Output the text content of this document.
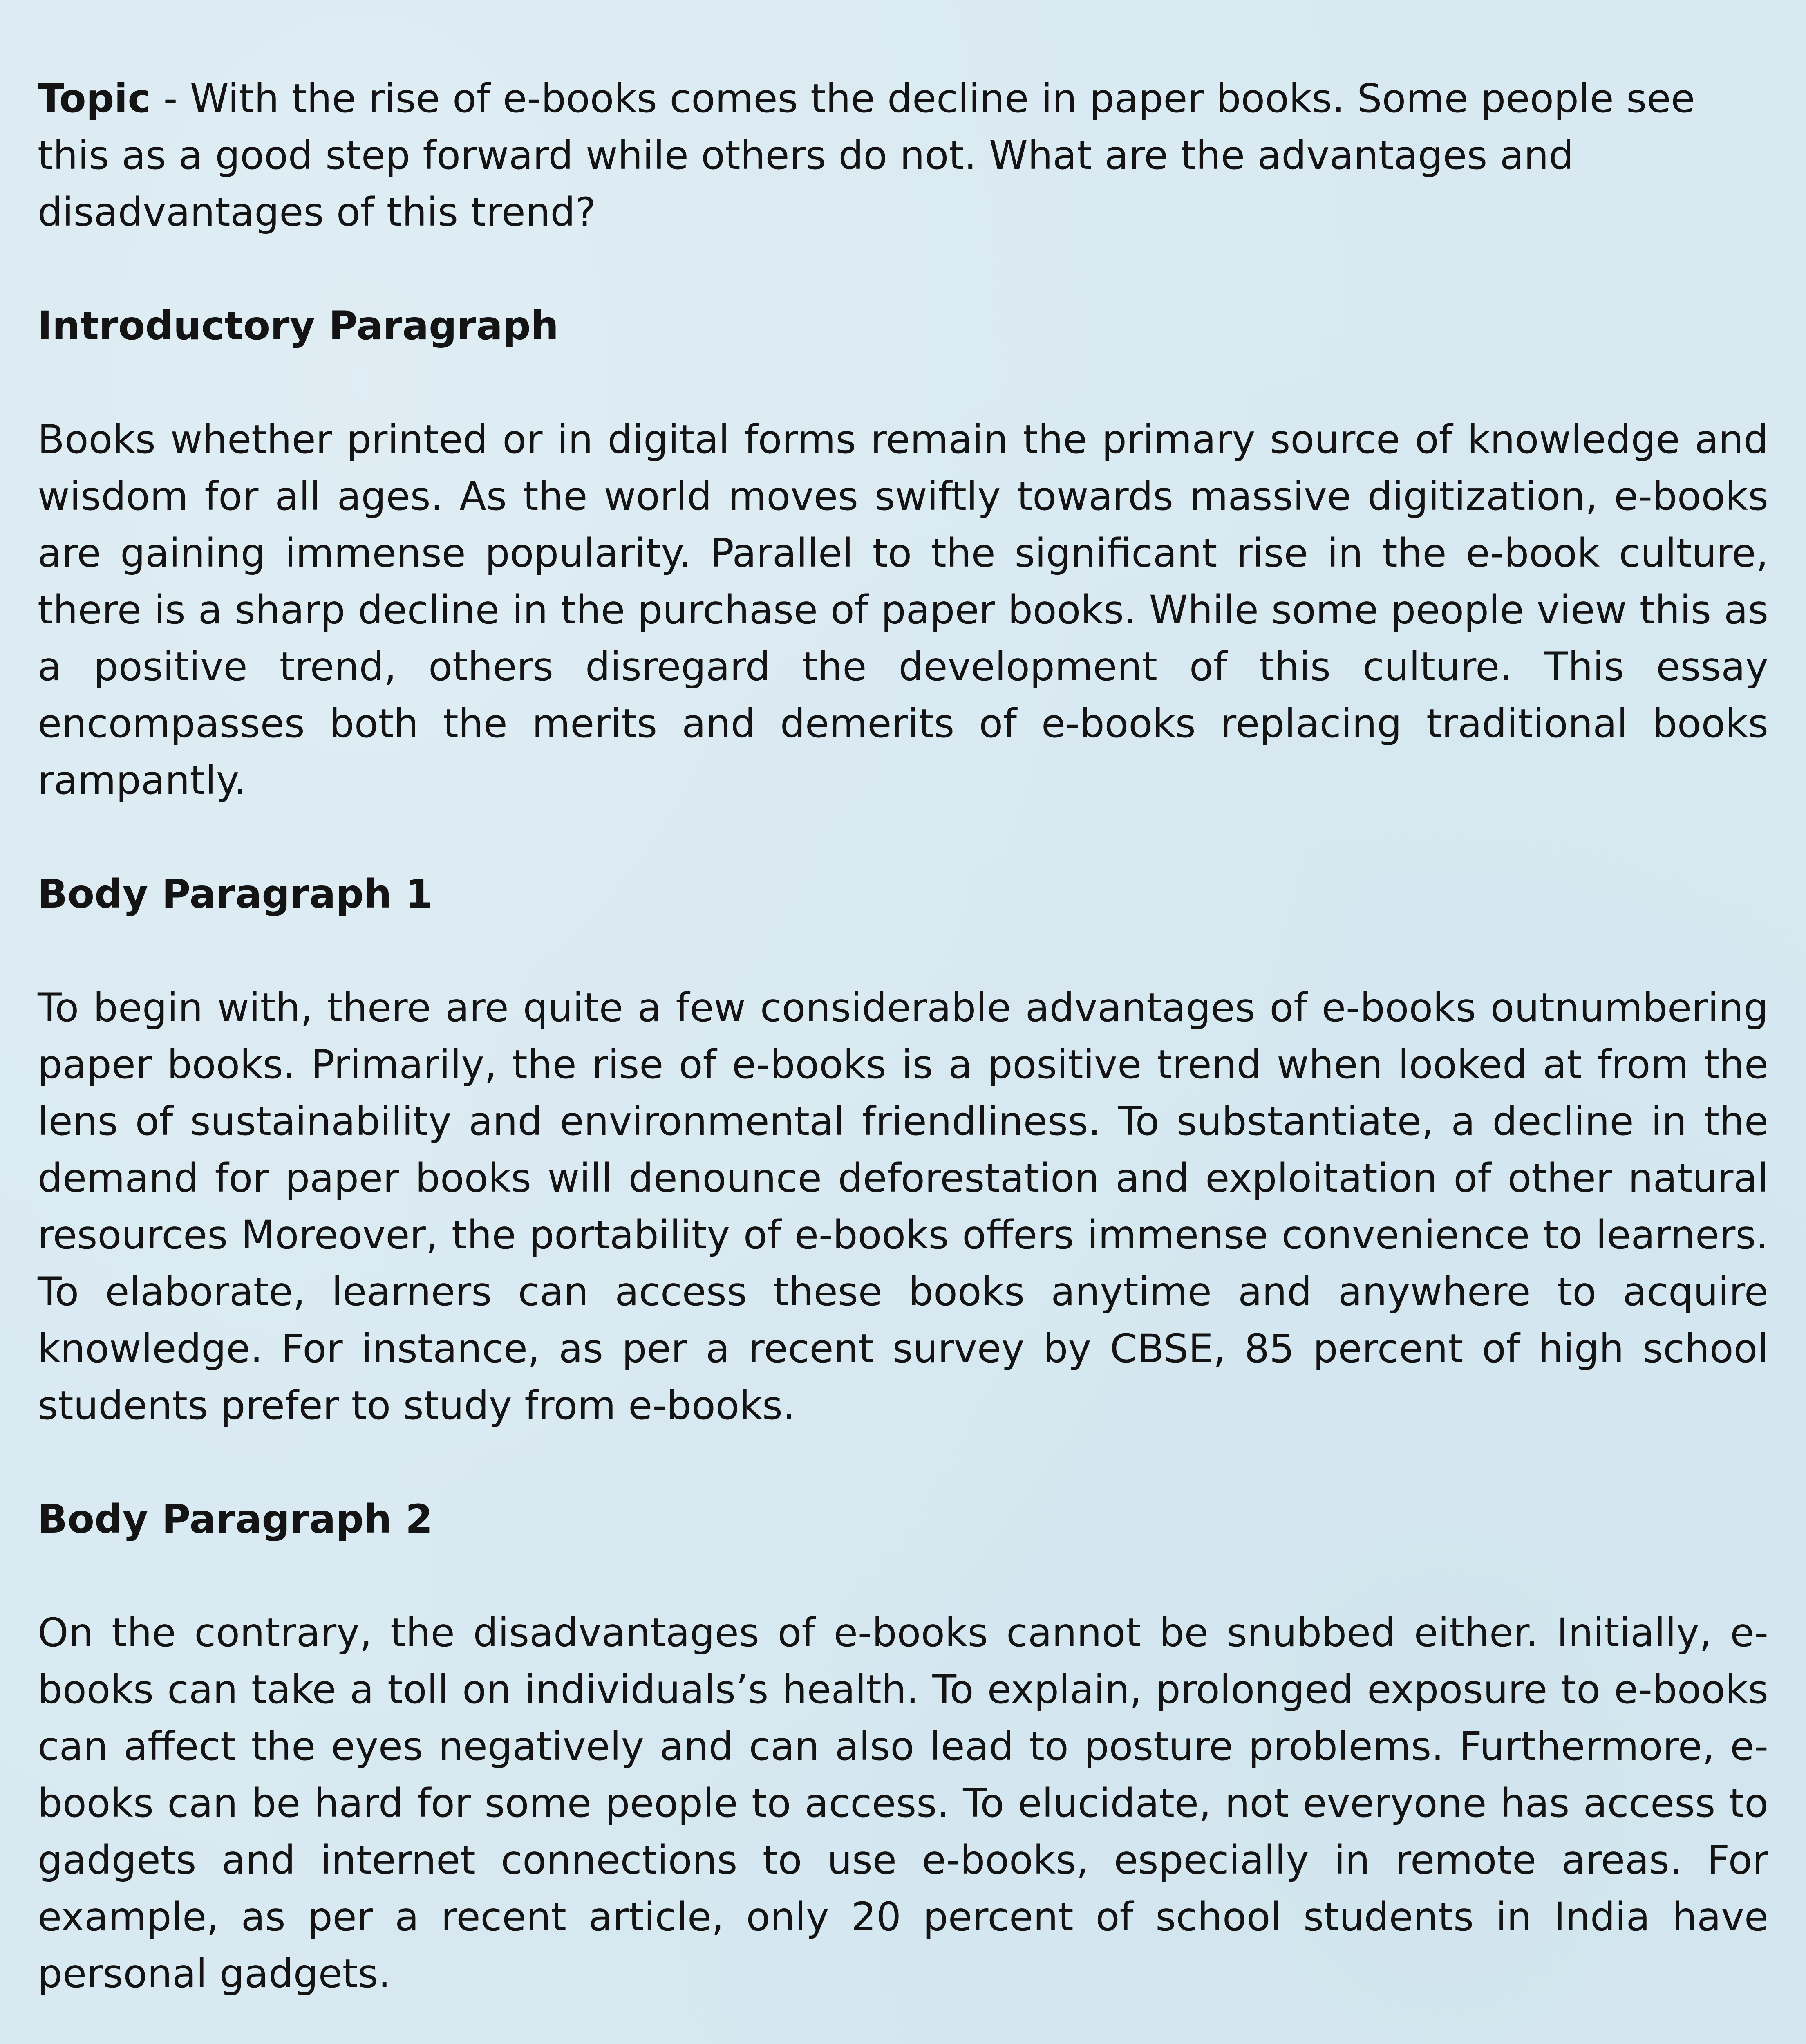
Topic - With the rise of e-books comes the decline in paper books. Some people see this as a good step forward while others do not. What are the advantages and disadvantages of this trend?

Introductory Paragraph

Books whether printed or in digital forms remain the primary source of knowledge and wisdom for all ages. As the world moves swiftly towards massive digitization, e-books are gaining immense popularity. Parallel to the significant rise in the e-book culture, there is a sharp decline in the purchase of paper books. While some people view this as a positive trend, others disregard the development of this culture. This essay encompasses both the merits and demerits of e-books replacing traditional books rampantly.

Body Paragraph 1

To begin with, there are quite a few considerable advantages of e-books outnumbering paper books. Primarily, the rise of e-books is a positive trend when looked at from the lens of sustainability and environmental friendliness. To substantiate, a decline in the demand for paper books will denounce deforestation and exploitation of other natural resources Moreover, the portability of e-books offers immense convenience to learners. To elaborate, learners can access these books anytime and anywhere to acquire knowledge. For instance, as per a recent survey by CBSE, 85 percent of high school students prefer to study from e-books.

Body Paragraph 2

On the contrary, the disadvantages of e-books cannot be snubbed either. Initially, e-books can take a toll on individuals’s health. To explain, prolonged exposure to e-books can affect the eyes negatively and can also lead to posture problems. Furthermore, e-books can be hard for some people to access. To elucidate, not everyone has access to gadgets and internet connections to use e-books, especially in remote areas. For example, as per a recent article, only 20 percent of school students in India have personal gadgets.
